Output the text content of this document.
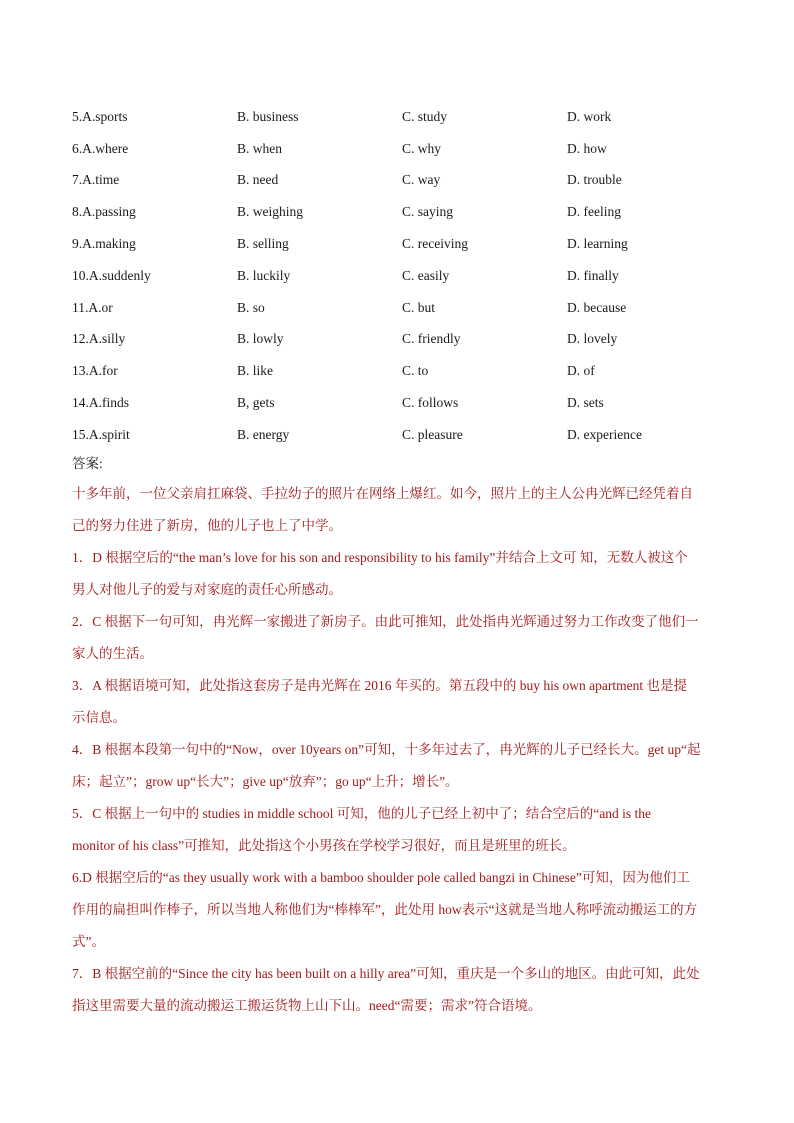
5.A.sports	B. business	C. study	D. work
6.A.where	B. when	C. why	D. how
7.A.time	B. need	C. way	D. trouble
8.A.passing	B. weighing	C. saying	D. feeling
9.A.making	B. selling	C. receiving	D. learning
10.A.suddenly	B. luckily	C. easily	D. finally
11.A.or	B. so	C. but	D. because
12.A.silly	B. lowly	C. friendly	D. lovely
13.A.for	B. like	C. to	D. of
14.A.finds	B, gets	C. follows	D. sets
15.A.spirit	B. energy	C. pleasure	D. experience
答案:

十多年前，一位父亲肩扛麻袋、手拉幼子的照片在网络上爆红。如今，照片上的主人公冉光辉已经凭着自

己的努力住进了新房，他的儿子也上了中学。

1．D 根据空后的“the man’s love for his son and responsibility to his family”并结合上文可 知，无数人被这个

男人对他儿子的爱与对家庭的责任心所感动。

2．C 根据下一句可知，冉光辉一家搬进了新房子。由此可推知，此处指冉光辉通过努力工作改变了他们一

家人的生活。

3．A 根据语境可知，此处指这套房子是冉光辉在 2016 年买的。第五段中的 buy his own apartment 也是提

示信息。

4．B 根据本段第一句中的“Now，over 10years on”可知，十多年过去了，冉光辉的儿子已经长大。get up“起

床；起立”；grow up“长大”；give up“放弃”；go up“上升；增长”。

5．C 根据上一句中的 studies in middle school 可知，他的儿子已经上初中了；结合空后的“and is the

monitor of his class”可推知，此处指这个小男孩在学校学习很好，而且是班里的班长。

6.D 根据空后的“as they usually work with a bamboo shoulder pole called bangzi in Chinese”可知，因为他们工

作用的扁担叫作棒子，所以当地人称他们为“棒棒军”，此处用 how表示“这就是当地人称呼流动搬运工的方

式”。

7．B 根据空前的“Since the city has been built on a hilly area”可知，重庆是一个多山的地区。由此可知，此处

指这里需要大量的流动搬运工搬运货物上山下山。need“需要；需求”符合语境。
